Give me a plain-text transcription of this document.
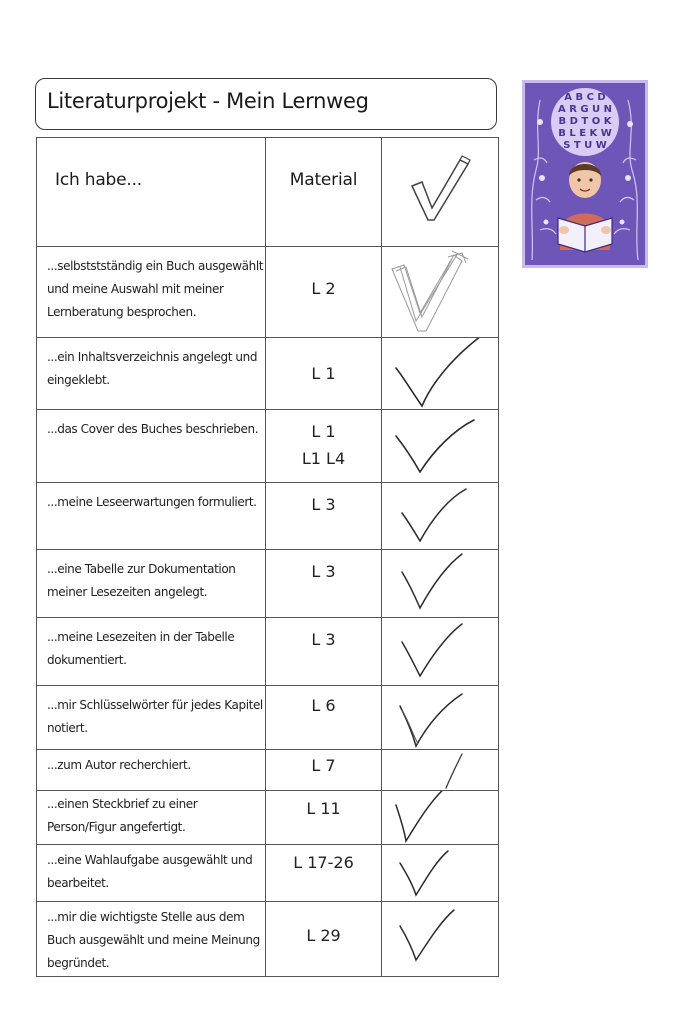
Literaturprojekt - Mein Lernweg	A B C D
A R G U N
B D T O K
B L E K W
S T U W
Ich habe...	Material

...selbststständig ein Buch ausgewählt und meine Auswahl mit meiner Lernberatung besprochen.	L 2

...ein Inhaltsverzeichnis angelegt und eingeklebt.	L 1

...das Cover des Buches beschrieben.	L 1
L1 L4

...meine Leseerwartungen formuliert.	L 3

...eine Tabelle zur Dokumentation meiner Lesezeiten angelegt.	L 3

...meine Lesezeiten in der Tabelle dokumentiert.	L 3

...mir Schlüsselwörter für jedes Kapitel notiert.	L 6

...zum Autor recherchiert.	L 7

...einen Steckbrief zu einer Person/Figur angefertigt.	L 11

...eine Wahlaufgabe ausgewählt und bearbeitet.	L 17-26

...mir die wichtigste Stelle aus dem Buch ausgewählt und meine Meinung begründet.	L 29
